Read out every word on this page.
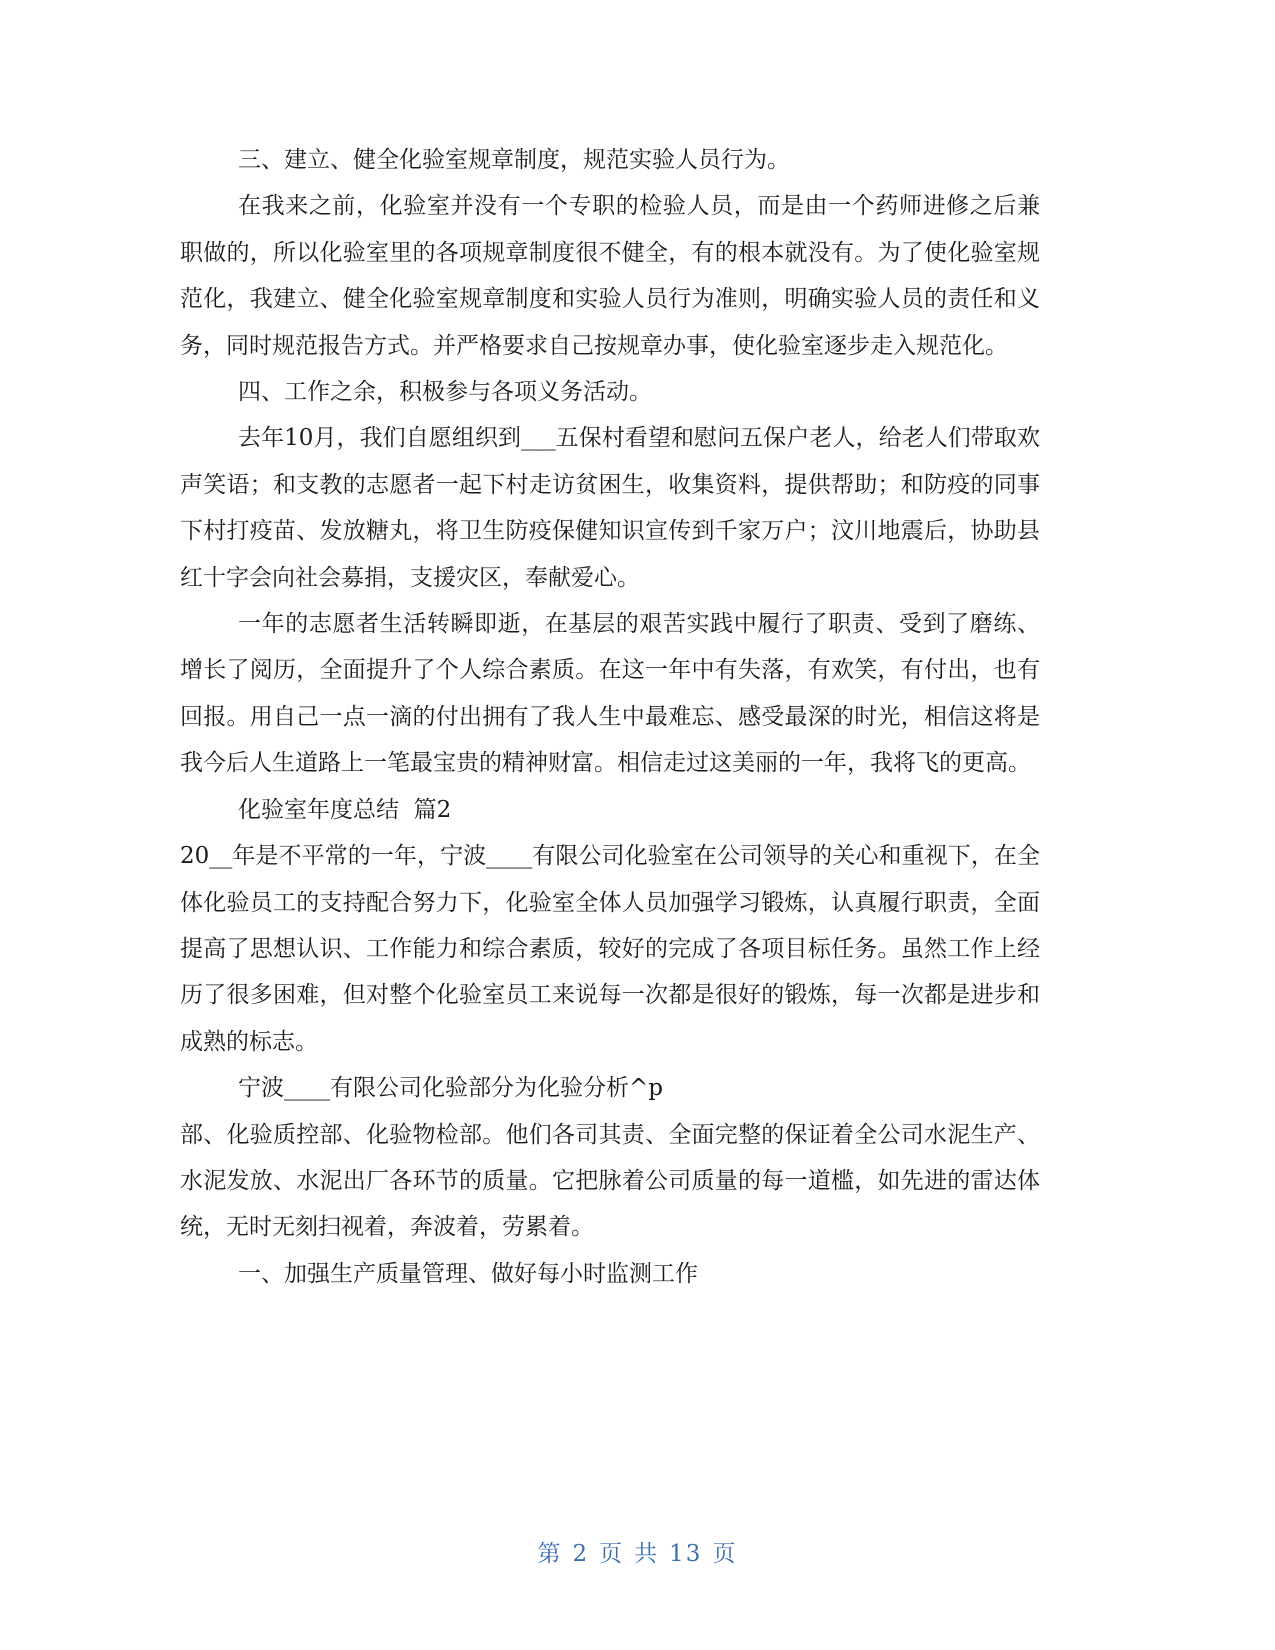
三、建立、健全化验室规章制度，规范实验人员行为。

在我来之前，化验室并没有一个专职的检验人员，而是由一个药师进修之后兼职做的，所以化验室里的各项规章制度很不健全，有的根本就没有。为了使化验室规范化，我建立、健全化验室规章制度和实验人员行为准则，明确实验人员的责任和义务，同时规范报告方式。并严格要求自己按规章办事，使化验室逐步走入规范化。

四、工作之余，积极参与各项义务活动。

去年10月，我们自愿组织到___五保村看望和慰问五保户老人，给老人们带取欢声笑语；和支教的志愿者一起下村走访贫困生，收集资料，提供帮助；和防疫的同事下村打疫苗、发放糖丸，将卫生防疫保健知识宣传到千家万户；汶川地震后，协助县红十字会向社会募捐，支援灾区，奉献爱心。

一年的志愿者生活转瞬即逝，在基层的艰苦实践中履行了职责、受到了磨练、增长了阅历，全面提升了个人综合素质。在这一年中有失落，有欢笑，有付出，也有回报。用自己一点一滴的付出拥有了我人生中最难忘、感受最深的时光，相信这将是我今后人生道路上一笔最宝贵的精神财富。相信走过这美丽的一年，我将飞的更高。

化验室年度总结  篇2

20__年是不平常的一年，宁波____有限公司化验室在公司领导的关心和重视下，在全体化验员工的支持配合努力下，化验室全体人员加强学习锻炼，认真履行职责，全面提高了思想认识、工作能力和综合素质，较好的完成了各项目标任务。虽然工作上经历了很多困难，但对整个化验室员工来说每一次都是很好的锻炼，每一次都是进步和成熟的标志。

宁波____有限公司化验部分为化验分析^p

部、化验质控部、化验物检部。他们各司其责、全面完整的保证着全公司水泥生产、水泥发放、水泥出厂各环节的质量。它把脉着公司质量的每一道槛，如先进的雷达体统，无时无刻扫视着，奔波着，劳累着。

一、加强生产质量管理、做好每小时监测工作

第 2 页 共 13 页
